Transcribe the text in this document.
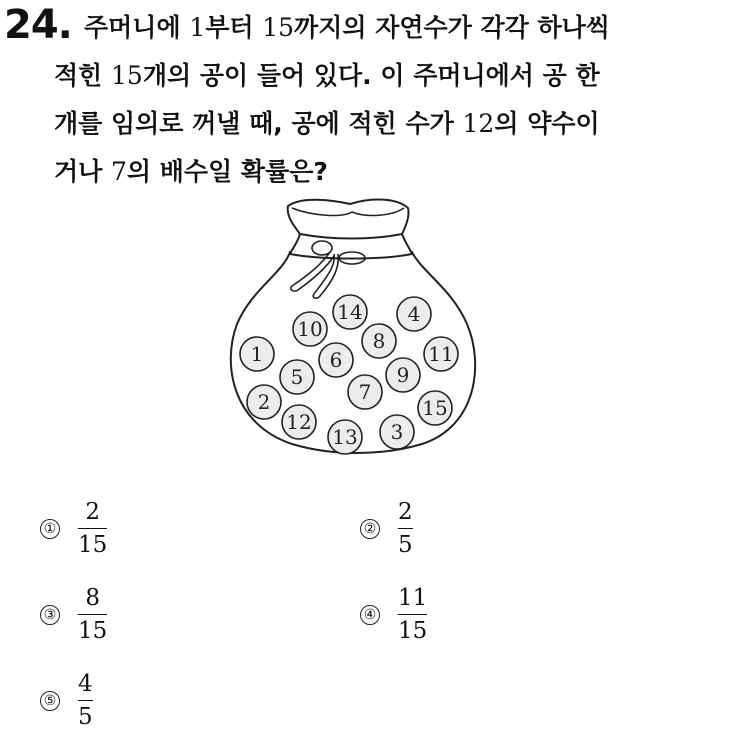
24. 주머니에 1부터 15까지의 자연수가 각각 하나씩
적힌 15개의 공이 들어 있다. 이 주머니에서 공 한
개를 임의로 꺼낼 때, 공에 적힌 수가 12의 약수이
거나 7의 배수일 확률은?
14 4
10 8
1	6	11
5	9
7
2	15
12	3
13
① $\frac{2}{15}$	② $\frac{2}{5}$
③ $\frac{8}{15}$	④ $\frac{11}{15}$
⑤ $\frac{4}{5}$
